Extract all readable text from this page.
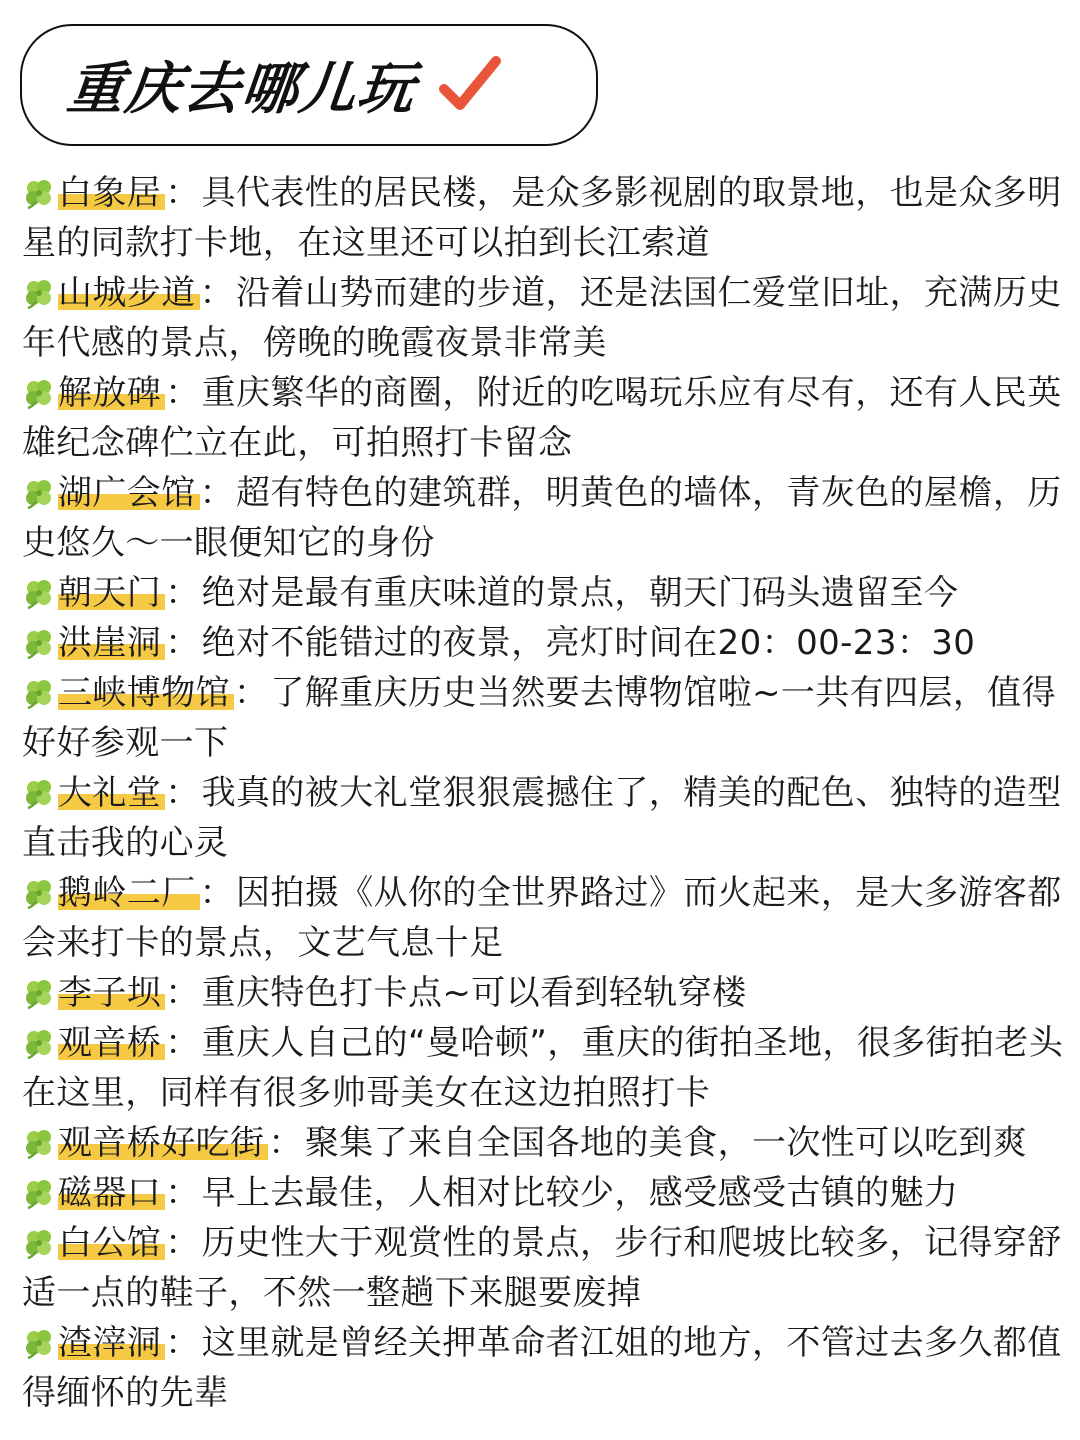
重庆去哪儿玩
白象居 ：具代表性的居民楼，是众多影视剧的取景地，也是众多明星的同款打卡地，在这里还可以拍到长江索道
山城步道 ：沿着山势而建的步道，还是法国仁爱堂旧址，充满历史年代感的景点，傍晚的晚霞夜景非常美
解放碑 ：重庆繁华的商圈，附近的吃喝玩乐应有尽有，还有人民英雄纪念碑伫立在此，可拍照打卡留念
湖广会馆 ：超有特色的建筑群，明黄色的墙体，青灰色的屋檐，历史悠久～一眼便知它的身份
朝天门 ：绝对是最有重庆味道的景点，朝天门码头遗留至今
洪崖洞 ：绝对不能错过的夜景，亮灯时间在20：00-23：30
三峡博物馆 ：了解重庆历史当然要去博物馆啦~一共有四层，值得好好参观一下
大礼堂 ：我真的被大礼堂狠狠震撼住了，精美的配色、独特的造型直击我的心灵
鹅岭二厂 ：因拍摄《从你的全世界路过》而火起来，是大多游客都会来打卡的景点，文艺气息十足
李子坝 ：重庆特色打卡点~可以看到轻轨穿楼
观音桥 ：重庆人自己的“曼哈顿”，重庆的街拍圣地，很多街拍老头在这里，同样有很多帅哥美女在这边拍照打卡
观音桥好吃街 ：聚集了来自全国各地的美食，一次性可以吃到爽
磁器口 ：早上去最佳，人相对比较少，感受感受古镇的魅力
白公馆 ：历史性大于观赏性的景点，步行和爬坡比较多，记得穿舒适一点的鞋子，不然一整趟下来腿要废掉
渣滓洞 ：这里就是曾经关押革命者江姐的地方，不管过去多久都值得缅怀的先辈
